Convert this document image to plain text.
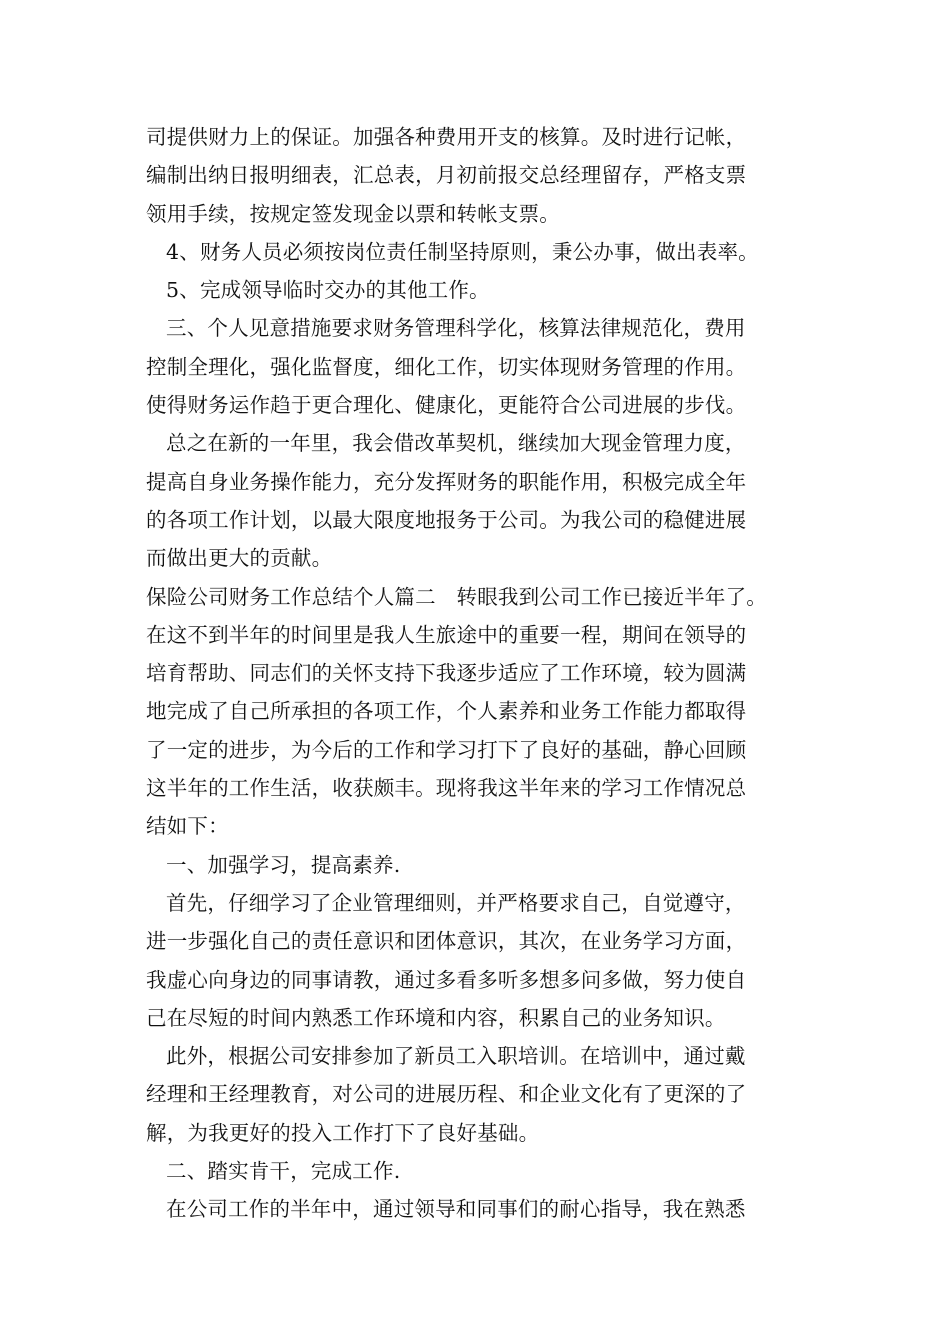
司提供财力上的保证。加强各种费用开支的核算。及时进行记帐，
编制出纳日报明细表，汇总表，月初前报交总经理留存，严格支票
领用手续，按规定签发现金以票和转帐支票。
4、财务人员必须按岗位责任制坚持原则，秉公办事，做出表率。
5、完成领导临时交办的其他工作。
三、个人见意措施要求财务管理科学化，核算法律规范化，费用
控制全理化，强化监督度，细化工作，切实体现财务管理的作用。
使得财务运作趋于更合理化、健康化，更能符合公司进展的步伐。
总之在新的一年里，我会借改革契机，继续加大现金管理力度，
提高自身业务操作能力，充分发挥财务的职能作用，积极完成全年
的各项工作计划，以最大限度地报务于公司。为我公司的稳健进展
而做出更大的贡献。
保险公司财务工作总结个人篇二　转眼我到公司工作已接近半年了。
在这不到半年的时间里是我人生旅途中的重要一程，期间在领导的
培育帮助、同志们的关怀支持下我逐步适应了工作环境，较为圆满
地完成了自己所承担的各项工作，个人素养和业务工作能力都取得
了一定的进步，为今后的工作和学习打下了良好的基础，静心回顾
这半年的工作生活，收获颇丰。现将我这半年来的学习工作情况总
结如下：
一、加强学习，提高素养.
首先，仔细学习了企业管理细则，并严格要求自己，自觉遵守，
进一步强化自己的责任意识和团体意识，其次，在业务学习方面，
我虚心向身边的同事请教，通过多看多听多想多问多做，努力使自
己在尽短的时间内熟悉工作环境和内容，积累自己的业务知识。
此外，根据公司安排参加了新员工入职培训。在培训中，通过戴
经理和王经理教育，对公司的进展历程、和企业文化有了更深的了
解，为我更好的投入工作打下了良好基础。
二、踏实肯干，完成工作.
在公司工作的半年中，通过领导和同事们的耐心指导，我在熟悉
